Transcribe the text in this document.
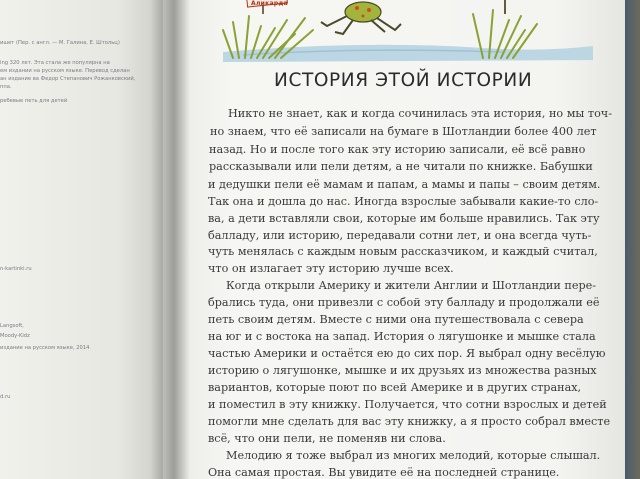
ишет (Пер. с англ. — М. Галина, Е. Штольц)
ing 320 лет. Эта стала же популярна на
ем издании на русском языке. Перевод сделан
ан издание ва Федор Степанович Рожанковский,
ппа.
ребевые петь для детей
n-kartinki.ru
Langsoft,
Moody-Kidz
издание на русском языке, 2014
d.ru
Аликарда
ИСТОРИЯ ЭТОЙ ИСТОРИИ
Никто не знает, как и когда сочинилась эта история, но мы точ-
но знаем, что её записали на бумаге в Шотландии более 400 лет
назад. Но и после того как эту историю записали, её всё равно
рассказывали или пели детям, а не читали по книжке. Бабушки
и дедушки пели её мамам и папам, а мамы и папы – своим детям.
Так она и дошла до нас. Иногда взрослые забывали какие-то сло-
ва, а дети вставляли свои, которые им больше нравились. Так эту
балладу, или историю, передавали сотни лет, и она всегда чуть-
чуть менялась с каждым новым рассказчиком, и каждый считал,
что он излагает эту историю лучше всех.
Когда открыли Америку и жители Англии и Шотландии пере-
брались туда, они привезли с собой эту балладу и продолжали её
петь своим детям. Вместе с ними она путешествовала с севера
на юг и с востока на запад. История о лягушонке и мышке стала
частью Америки и остаётся ею до сих пор. Я выбрал одну весёлую
историю о лягушонке, мышке и их друзьях из множества разных
вариантов, которые поют по всей Америке и в других странах,
и поместил в эту книжку. Получается, что сотни взрослых и детей
помогли мне сделать для вас эту книжку, а я просто собрал вместе
всё, что они пели, не поменяв ни слова.
Мелодию я тоже выбрал из многих мелодий, которые слышал.
Она самая простая. Вы увидите её на последней странице.
